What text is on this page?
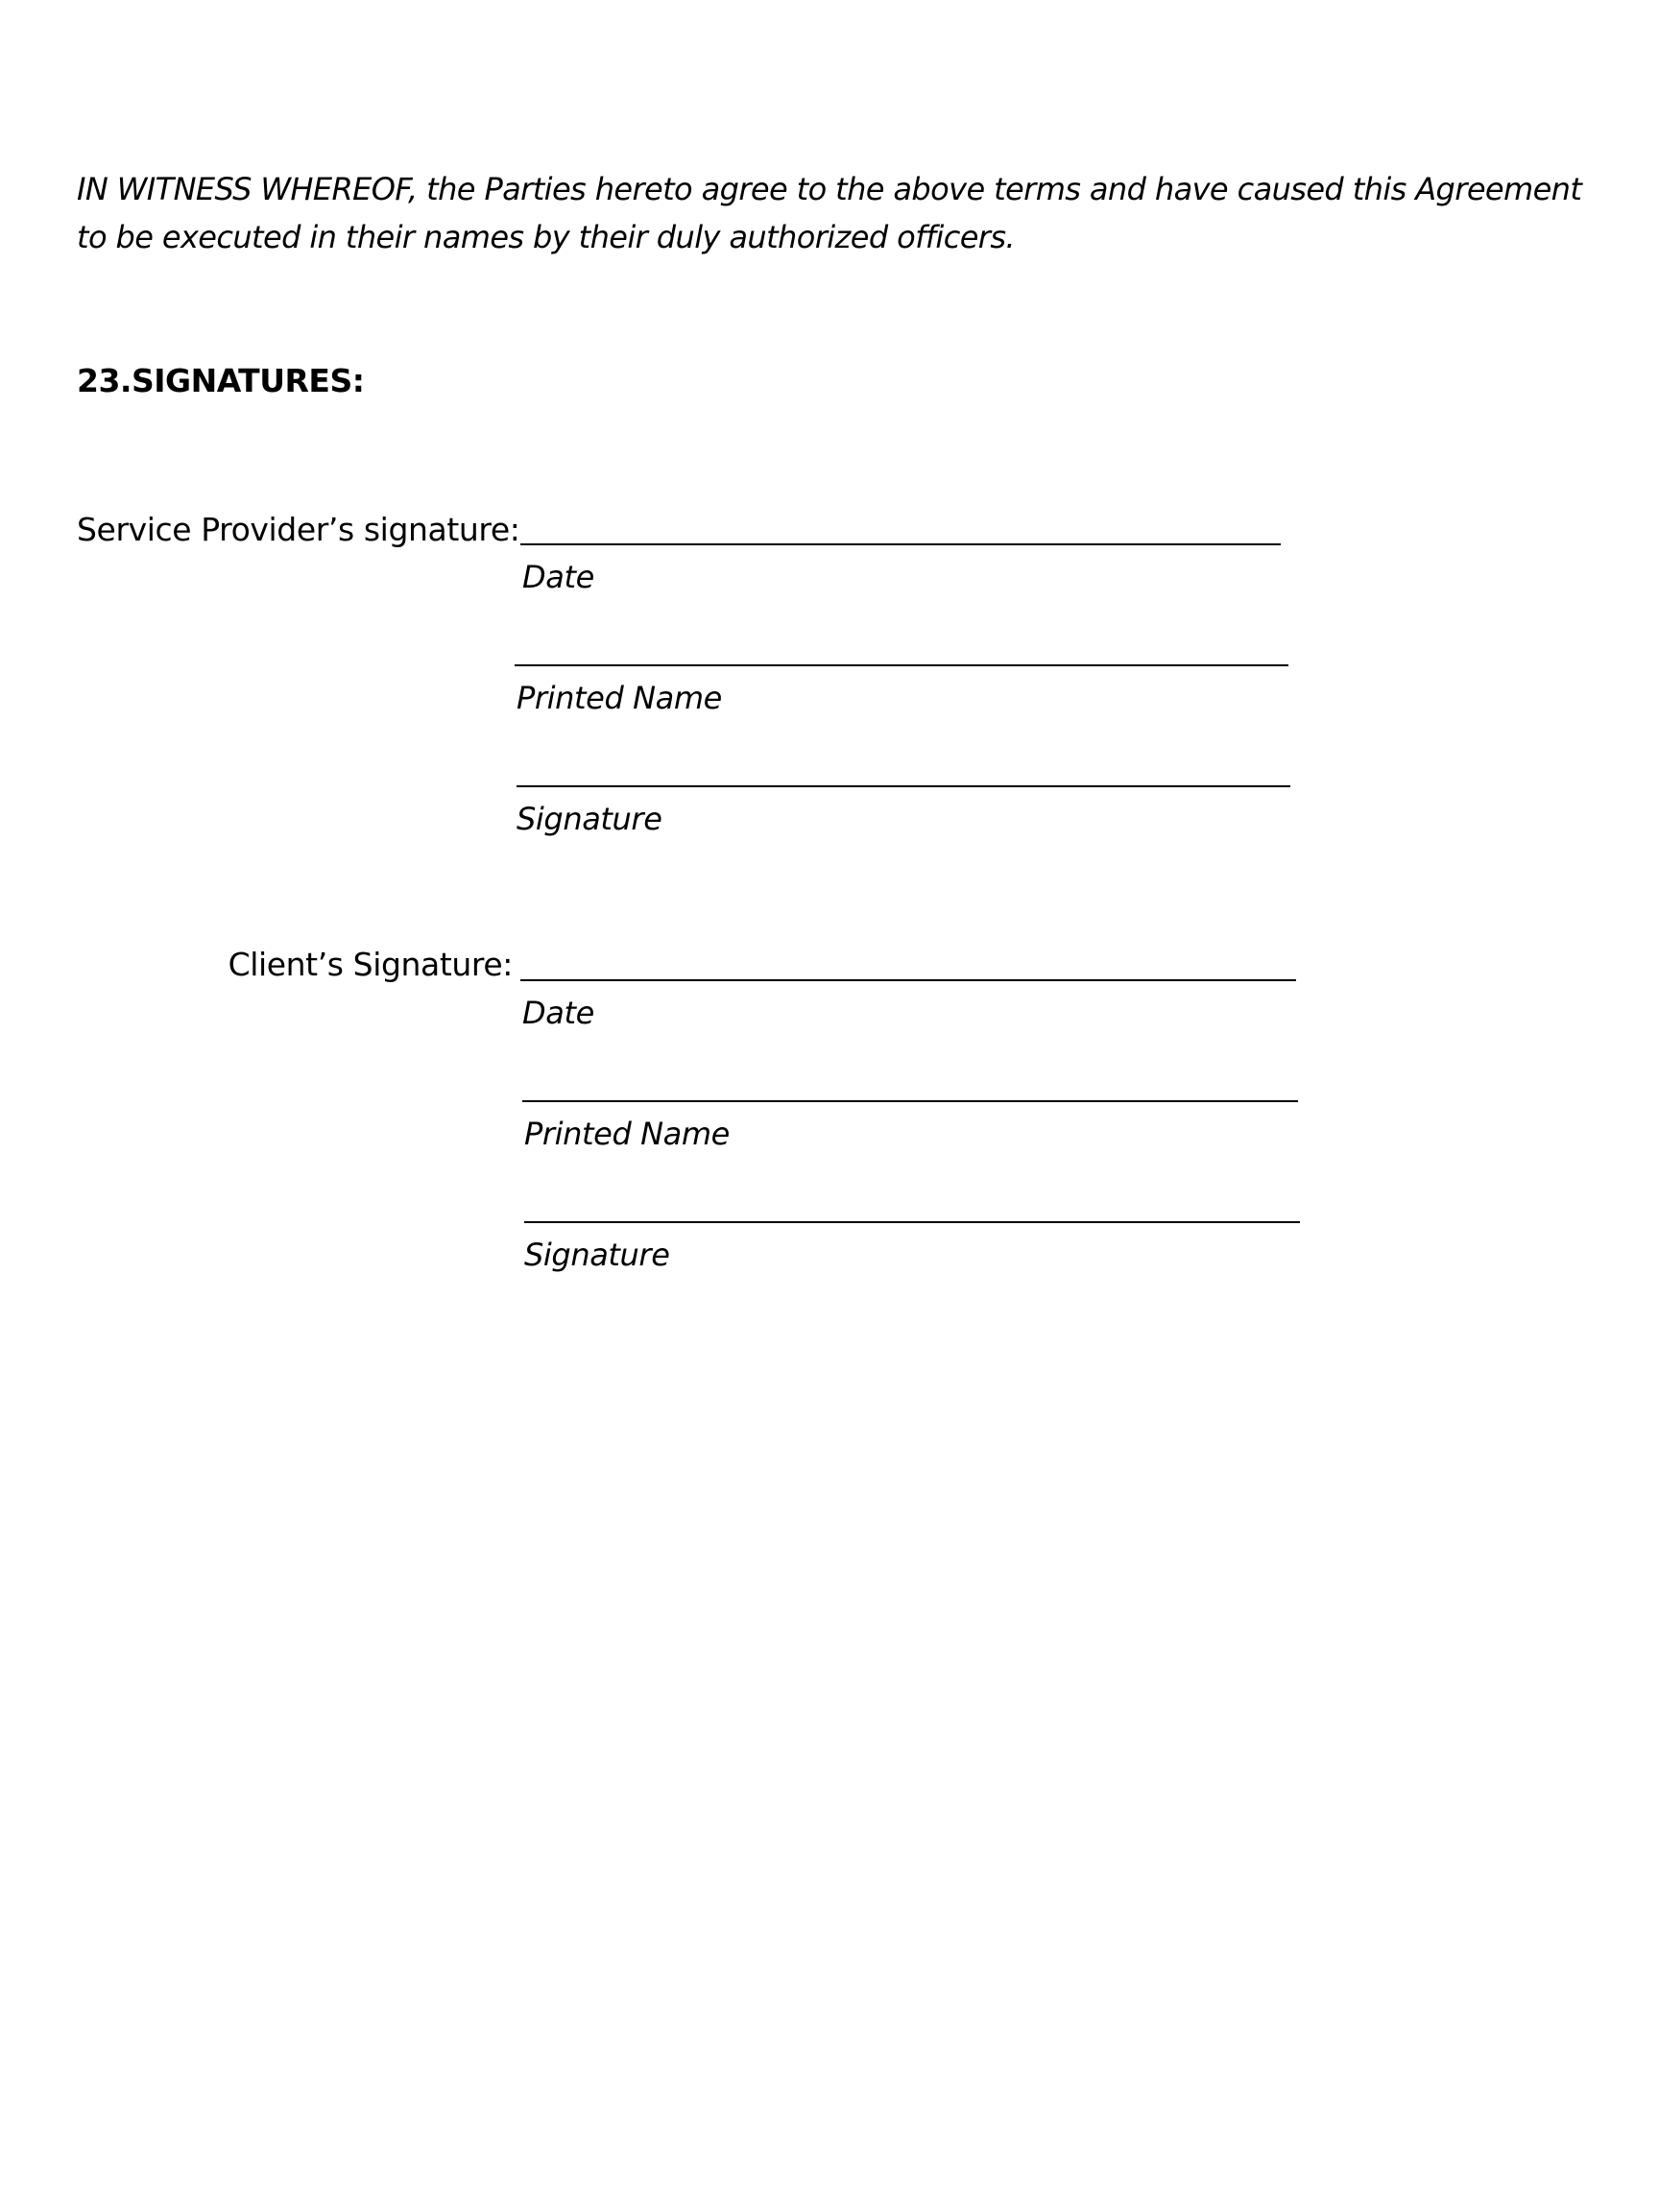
IN WITNESS WHEREOF, the Parties hereto agree to the above terms and have caused this Agreement to be executed in their names by their duly authorized officers.
23.SIGNATURES:
Service Provider’s signature:
Date
Printed Name
Signature
Client’s Signature:
Date
Printed Name
Signature
